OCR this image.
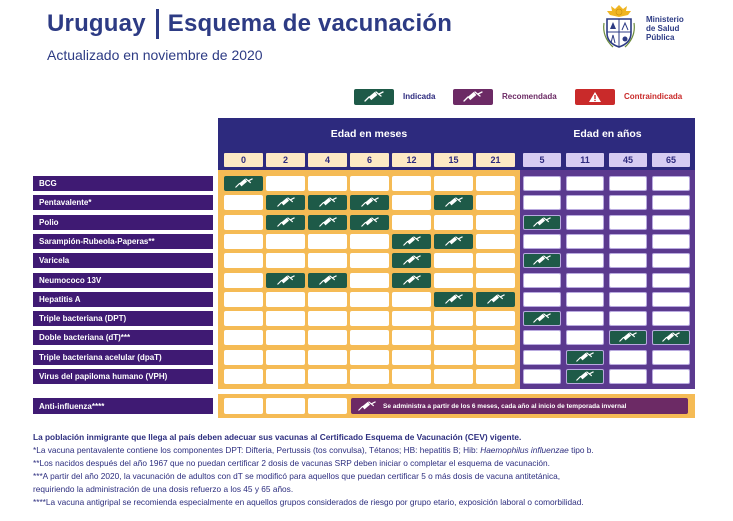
Uruguay Esquema de vacunación
Actualizado en noviembre de 2020
Ministerio
de Salud
Pública
Indicada	Recomendada	Contraindicada
Edad en meses	Edad en años
0	2	4	6	12	15	21	5	11	45	65
BCG
Pentavalente*
Polio
Sarampión-Rubeola-Paperas**
Varicela
Neumococo 13V
Hepatitis A
Triple bacteriana (DPT)
Doble bacteriana (dT)***
Triple bacteriana acelular (dpaT)
Virus del papiloma humano (VPH)
Anti-influenza****	Se administra a partir de los 6 meses, cada año al inicio de temporada invernal
La población inmigrante que llega al país deben adecuar sus vacunas al Certificado Esquema de Vacunación (CEV) vigente.
*La vacuna pentavalente contiene los componentes DPT: Difteria, Pertussis (tos convulsa), Tétanos; HB: hepatitis B; Hib: Haemophilus influenzae tipo b.
**Los nacidos después del año 1967 que no puedan certificar 2 dosis de vacunas SRP deben iniciar o completar el esquema de vacunación.
***A partir del año 2020, la vacunación de adultos con dT se modificó para aquellos que puedan certificar 5 o más dosis de vacuna antitetánica,
requiriendo la administración de una dosis refuerzo a los 45 y 65 años.
****La vacuna antigripal se recomienda especialmente en aquellos grupos considerados de riesgo por grupo etario, exposición laboral o comorbilidad.
